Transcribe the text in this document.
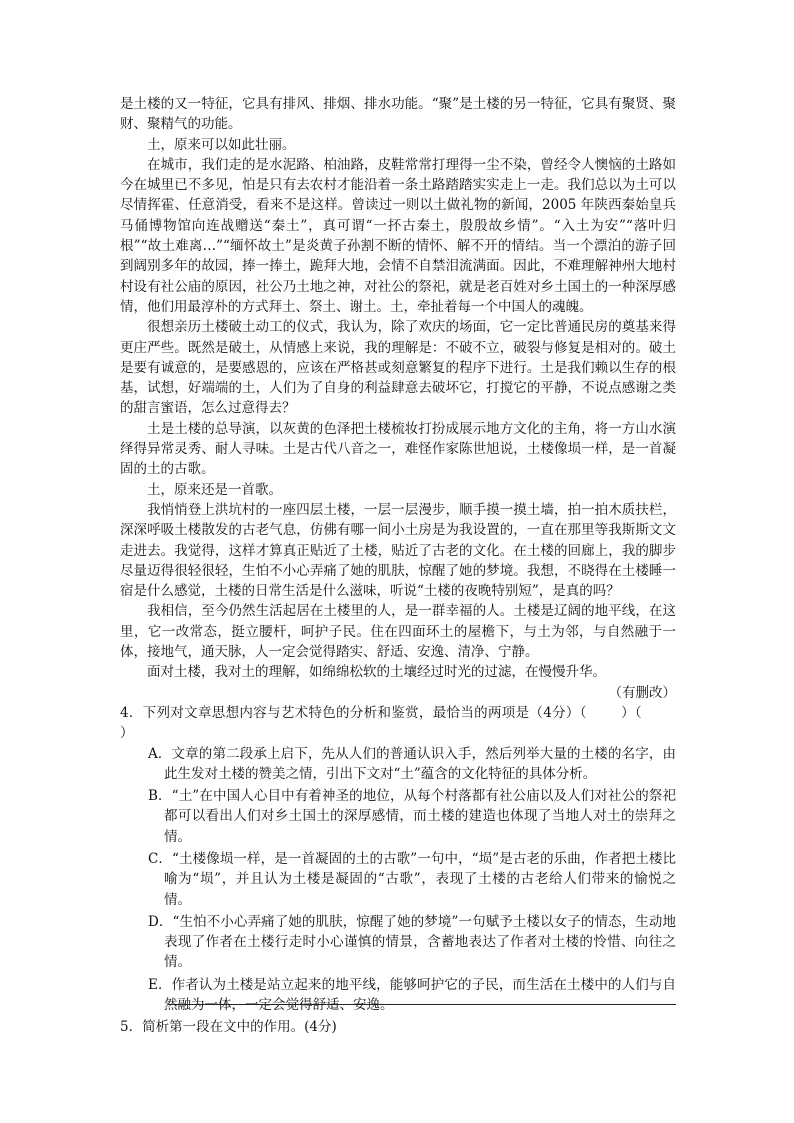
是土楼的又一特征，它具有排风、排烟、排水功能。“聚”是土楼的另一特征，它具有聚贤、聚财、聚精气的功能。

土，原来可以如此壮丽。

在城市，我们走的是水泥路、柏油路，皮鞋常常打理得一尘不染，曾经令人懊恼的土路如今在城里已不多见，怕是只有去农村才能沿着一条土路踏踏实实走上一走。我们总以为土可以尽情挥霍、任意消受，看来不是这样。曾读过一则以土做礼物的新闻，2005 年陕西秦始皇兵马俑博物馆向连战赠送“秦土”，真可谓“一抔古秦土，殷殷故乡情”。“入土为安”“落叶归根”“故土难离…”“缅怀故土”是炎黄子孙割不断的情怀、解不开的情结。当一个漂泊的游子回到阔别多年的故园，捧一捧土，跪拜大地，会情不自禁泪流满面。因此，不难理解神州大地村村设有社公庙的原因，社公乃土地之神，对社公的祭祀，就是老百姓对乡土国土的一种深厚感情，他们用最淳朴的方式拜土、祭土、谢土。土，牵扯着每一个中国人的魂魄。

很想亲历土楼破土动工的仪式，我认为，除了欢庆的场面，它一定比普通民房的奠基来得更庄严些。既然是破土，从情感上来说，我的理解是：不破不立，破裂与修复是相对的。破土是要有诚意的，是要感恩的，应该在严格甚或刻意繁复的程序下进行。土是我们赖以生存的根基，试想，好端端的土，人们为了自身的利益肆意去破坏它，打搅它的平静，不说点感谢之类的甜言蜜语，怎么过意得去？

土是土楼的总导演，以灰黄的色泽把土楼梳妆打扮成展示地方文化的主角，将一方山水演绎得异常灵秀、耐人寻味。土是古代八音之一，难怪作家陈世旭说，土楼像埙一样，是一首凝固的土的古歌。

土，原来还是一首歌。

我悄悄登上洪坑村的一座四层土楼，一层一层漫步，顺手摸一摸土墙，拍一拍木质扶栏，深深呼吸土楼散发的古老气息，仿佛有哪一间小土房是为我设置的，一直在那里等我斯斯文文走进去。我觉得，这样才算真正贴近了土楼，贴近了古老的文化。在土楼的回廊上，我的脚步尽量迈得很轻很轻，生怕不小心弄痛了她的肌肤，惊醒了她的梦境。我想，不晓得在土楼睡一宿是什么感觉，土楼的日常生活是什么滋味，听说“土楼的夜晚特别短”，是真的吗？

我相信，至今仍然生活起居在土楼里的人，是一群幸福的人。土楼是辽阔的地平线，在这里，它一改常态，挺立腰杆，呵护子民。住在四面环土的屋檐下，与土为邻，与自然融于一体，接地气，通天脉，人一定会觉得踏实、舒适、安逸、清净、宁静。

面对土楼，我对土的理解，如绵绵松软的土壤经过时光的过滤，在慢慢升华。

（有删改）

4．下列对文章思想内容与艺术特色的分析和鉴赏，最恰当的两项是（4分）（	）（）

A．文章的第二段承上启下，先从人们的普通认识入手，然后列举大量的土楼的名字，由此生发对土楼的赞美之情，引出下文对“土”蕴含的文化特征的具体分析。

B．“土”在中国人心目中有着神圣的地位，从每个村落都有社公庙以及人们对社公的祭祀都可以看出人们对乡土国土的深厚感情，而土楼的建造也体现了当地人对土的崇拜之情。

C．“土楼像埙一样，是一首凝固的土的古歌”一句中，“埙”是古老的乐曲，作者把土楼比喻为“埙”，并且认为土楼是凝固的“古歌”，表现了土楼的古老给人们带来的愉悦之情。

D．“生怕不小心弄痛了她的肌肤，惊醒了她的梦境”一句赋予土楼以女子的情态，生动地表现了作者在土楼行走时小心谨慎的情景，含蓄地表达了作者对土楼的怜惜、向往之情。

E．作者认为土楼是站立起来的地平线，能够呵护它的子民，而生活在土楼中的人们与自然融为一体，一定会觉得舒适、安逸。

5．简析第一段在文中的作用。(4分)
